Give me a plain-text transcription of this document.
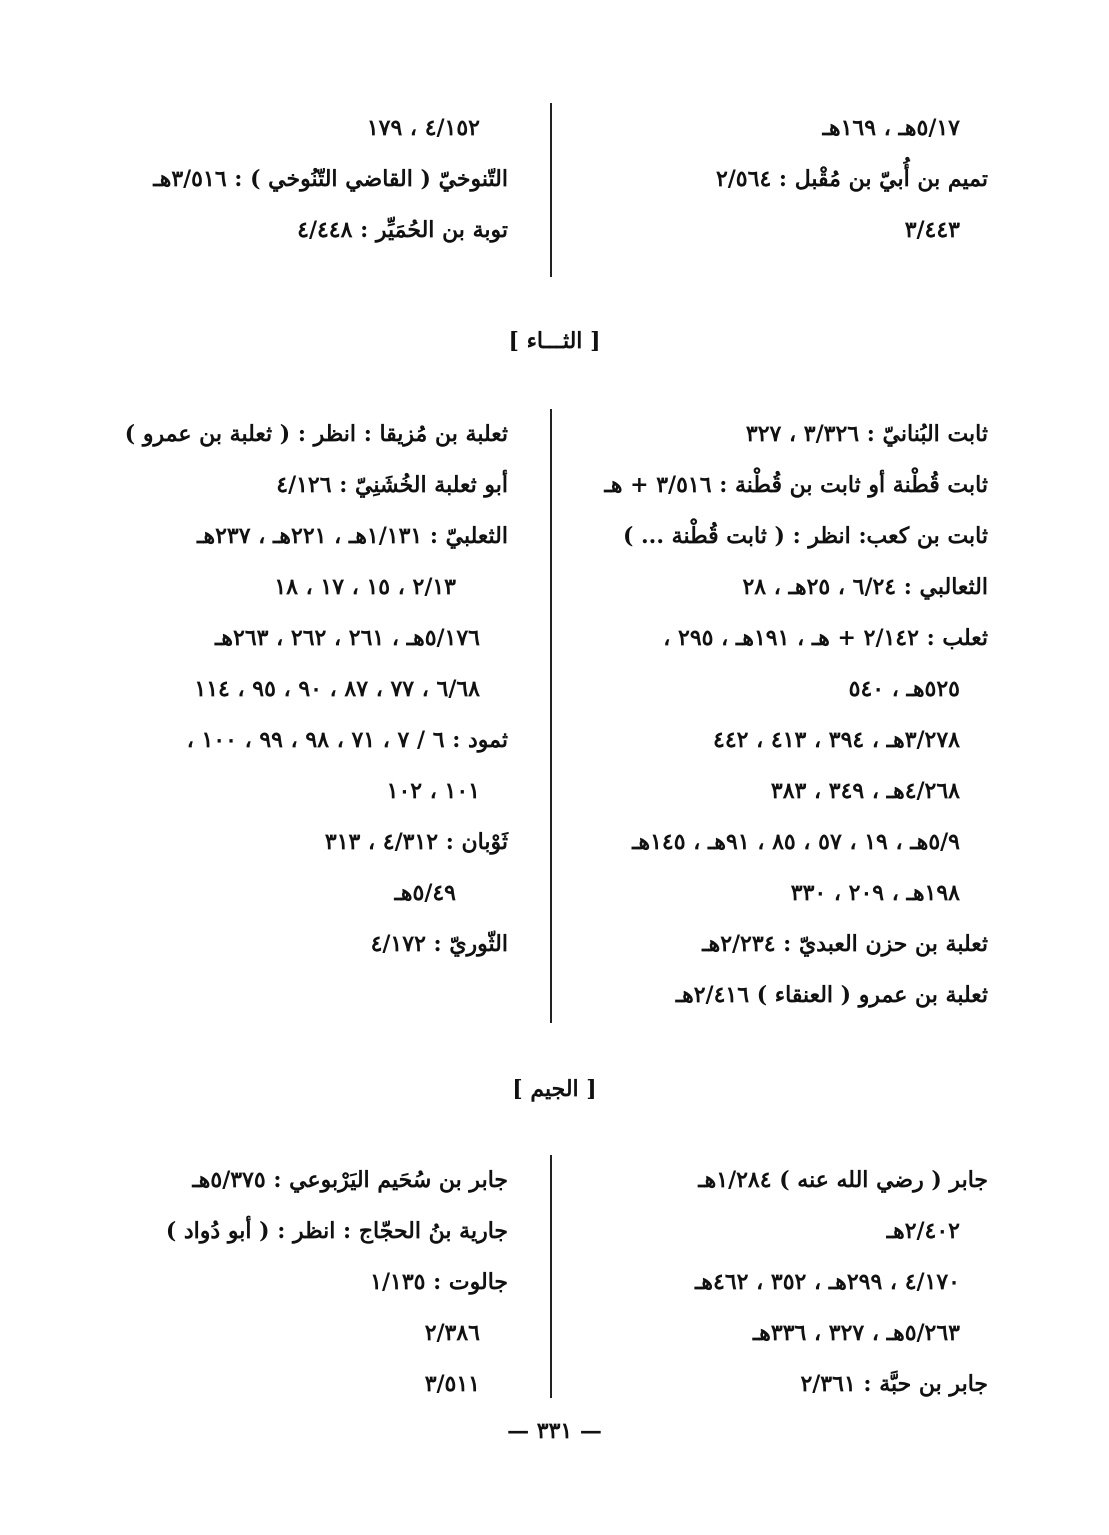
٥/١٧هـ ، ١٦٩هـ
تميم بن أُبيّ بن مُقْبل : ٢/٥٦٤
٣/٤٤٣
٤/١٥٢ ، ١٧٩
التّنوخيّ ( القاضي التّنُوخي ) : ٣/٥١٦هـ
توبة بن الحُمَيِّر : ٤/٤٤٨
[ الثـــاء ]
ثابت البُنانيّ : ٣/٣٢٦ ، ٣٢٧
ثابت قُطْنة أو ثابت بن قُطْنة : ٣/٥١٦ + هـ
ثابت بن كعب: انظر : ( ثابت قُطْنة ... )
الثعالبي : ٦/٢٤ ، ٢٥هـ ، ٢٨
ثعلب : ٢/١٤٢ + هـ ، ١٩١هـ ، ٢٩٥ ،
٥٢٥هـ ، ٥٤٠
٣/٢٧٨هـ ، ٣٩٤ ، ٤١٣ ، ٤٤٢
٤/٢٦٨هـ ، ٣٤٩ ، ٣٨٣
٥/٩هـ ، ١٩ ، ٥٧ ، ٨٥ ، ٩١هـ ، ١٤٥هـ
١٩٨هـ ، ٢٠٩ ، ٣٣٠
ثعلبة بن حزن العبديّ : ٢/٢٣٤هـ
ثعلبة بن عمرو ( العنقاء ) ٢/٤١٦هـ
ثعلبة بن مُزيقا : انظر : ( ثعلبة بن عمرو )
أبو ثعلبة الخُشَنِيّ : ٤/١٢٦
الثعلبيّ : ١/١٣١هـ ، ٢٢١هـ ، ٢٣٧هـ
٢/١٣ ، ١٥ ، ١٧ ، ١٨
٥/١٧٦هـ ، ٢٦١ ، ٢٦٢ ، ٢٦٣هـ
٦/٦٨ ، ٧٧ ، ٨٧ ، ٩٠ ، ٩٥ ، ١١٤
ثمود : ٦ / ٧ ، ٧١ ، ٩٨ ، ٩٩ ، ١٠٠ ،
١٠١ ، ١٠٢
ثَوْبان : ٤/٣١٢ ، ٣١٣
٥/٤٩هـ
الثّوريّ : ٤/١٧٢
[ الجيم ]
جابر ( رضي الله عنه ) ١/٢٨٤هـ
٢/٤٠٢هـ
٤/١٧٠ ، ٢٩٩هـ ، ٣٥٢ ، ٤٦٢هـ
٥/٢٦٣هـ ، ٣٢٧ ، ٣٣٦هـ
جابر بن حبَّة : ٢/٣٦١
جابر بن سُحَيم اليَرْبوعي : ٥/٣٧٥هـ
جارية بنُ الحجّاج : انظر : ( أبو دُواد )
جالوت : ١/١٣٥
٢/٣٨٦
٣/٥١١
— ٣٣١ —
